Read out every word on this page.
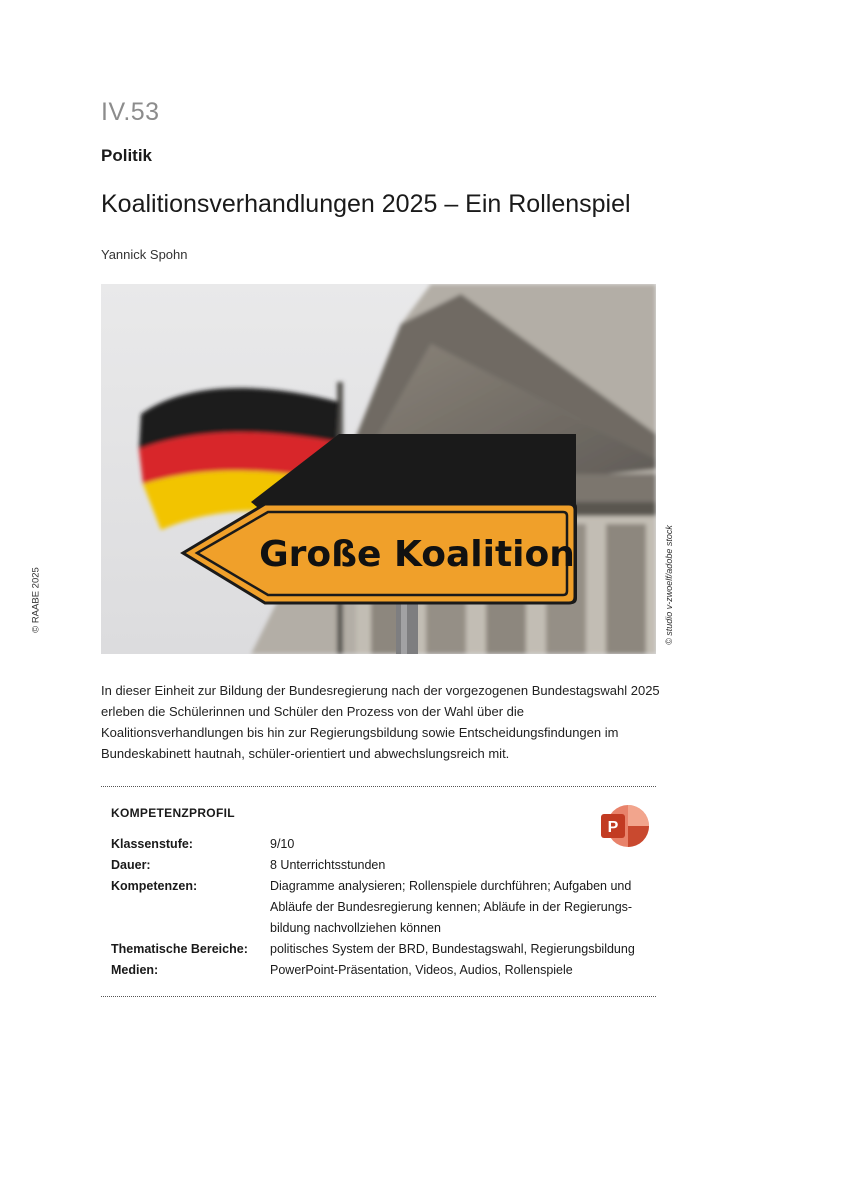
IV.53
Politik
Koalitionsverhandlungen 2025 – Ein Rollenspiel
Yannick Spohn
© RAABE 2025
Große Koalition	© studio v-zwoelf/adobe stock
In dieser Einheit zur Bildung der Bundesregierung nach der vorgezogenen Bundestagswahl 2025 erleben die Schülerinnen und Schüler den Prozess von der Wahl über die Koalitionsverhandlungen bis hin zur Regierungsbildung sowie Entscheidungsfindungen im Bundeskabinett hautnah, schüler-orientiert und abwechslungsreich mit.
KOMPETENZPROFIL
P
Klassenstufe:	9/10
Dauer:	8 Unterrichtsstunden
Kompetenzen:	Diagramme analysieren; Rollenspiele durchführen; Aufgaben und Abläufe der Bundesregierung kennen; Abläufe in der Regierungs-bildung nachvollziehen können
Thematische Bereiche:	politisches System der BRD, Bundestagswahl, Regierungsbildung
Medien:	PowerPoint-Präsentation, Videos, Audios, Rollenspiele
